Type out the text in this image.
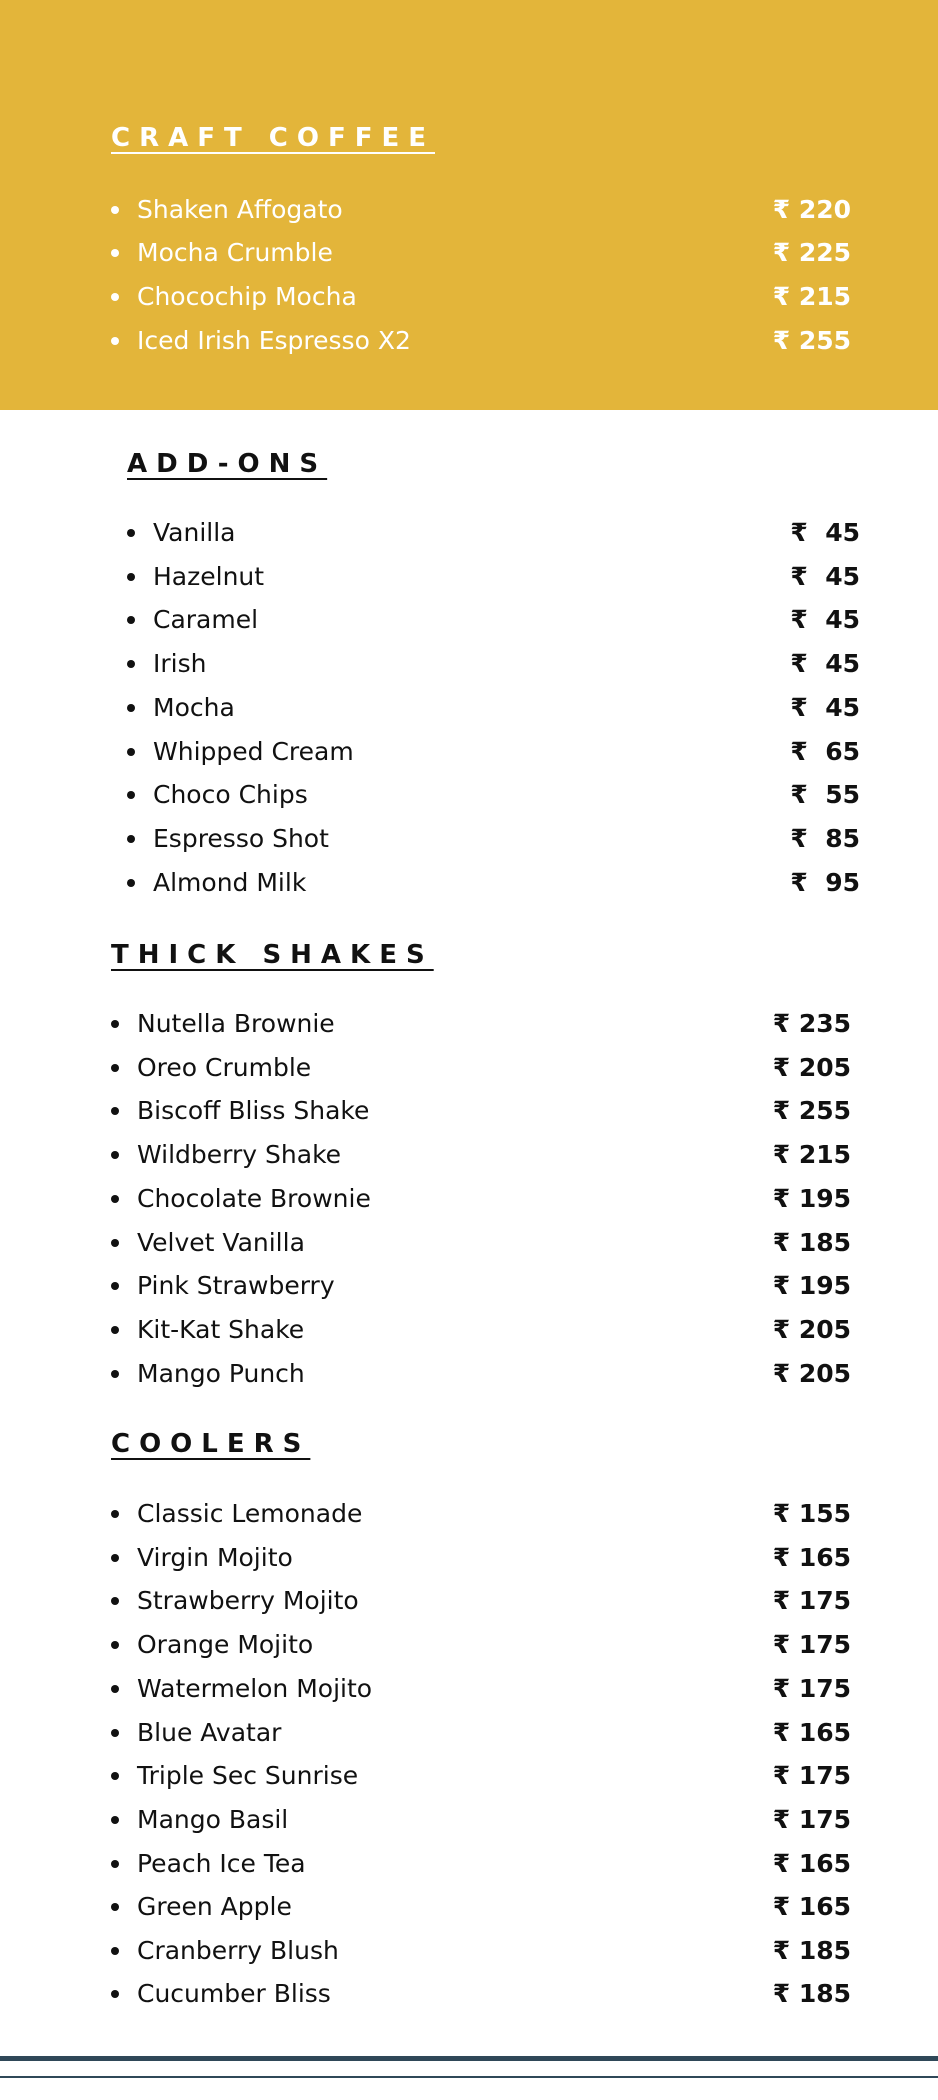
CRAFT COFFEE
Shaken Affogato	₹ 220
Mocha Crumble	₹ 225
Chocochip Mocha	₹ 215
Iced Irish Espresso X2	₹ 255
ADD-ONS
Vanilla	₹ 45
Hazelnut	₹ 45
Caramel	₹ 45
Irish	₹ 45
Mocha	₹ 45
Whipped Cream	₹ 65
Choco Chips	₹ 55
Espresso Shot	₹ 85
Almond Milk	₹ 95
THICK SHAKES
Nutella Brownie	₹ 235
Oreo Crumble	₹ 205
Biscoff Bliss Shake	₹ 255
Wildberry Shake	₹ 215
Chocolate Brownie	₹ 195
Velvet Vanilla	₹ 185
Pink Strawberry	₹ 195
Kit-Kat Shake	₹ 205
Mango Punch	₹ 205
COOLERS
Classic Lemonade	₹ 155
Virgin Mojito	₹ 165
Strawberry Mojito	₹ 175
Orange Mojito	₹ 175
Watermelon Mojito	₹ 175
Blue Avatar	₹ 165
Triple Sec Sunrise	₹ 175
Mango Basil	₹ 175
Peach Ice Tea	₹ 165
Green Apple	₹ 165
Cranberry Blush	₹ 185
Cucumber Bliss	₹ 185
